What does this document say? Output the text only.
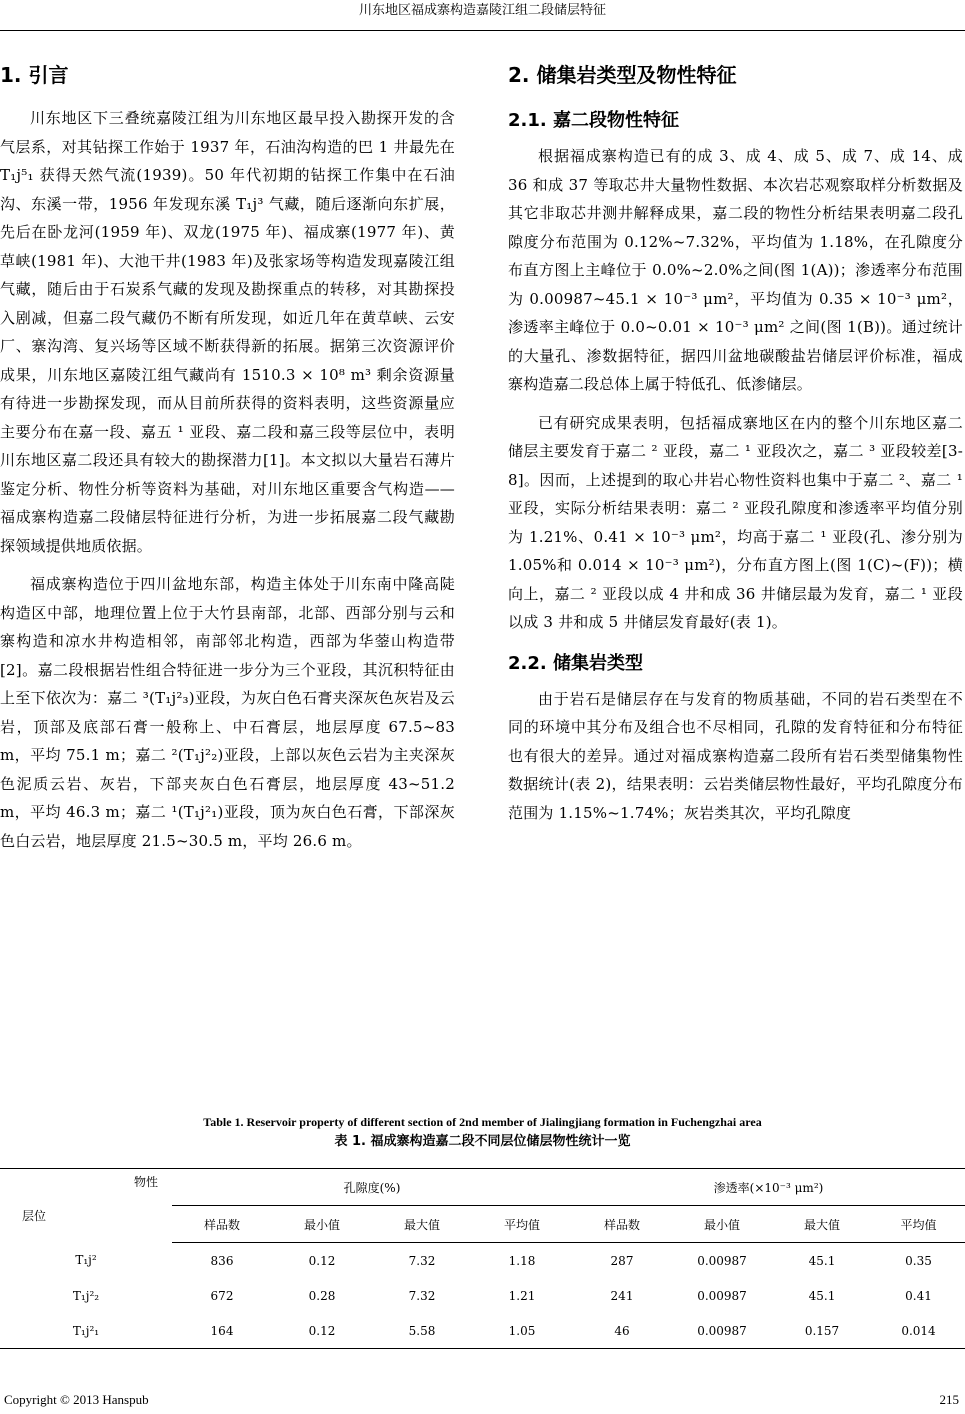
川东地区福成寨构造嘉陵江组二段储层特征
1. 引言

川东地区下三叠统嘉陵江组为川东地区最早投入勘探开发的含气层系，对其钻探工作始于 1937 年，石油沟构造的巴 1 井最先在 T₁j⁵₁ 获得天然气流(1939)。50 年代初期的钻探工作集中在石油沟、东溪一带，1956 年发现东溪 T₁j³ 气藏，随后逐渐向东扩展，先后在卧龙河(1959 年)、双龙(1975 年)、福成寨(1977 年)、黄草峡(1981 年)、大池干井(1983 年)及张家场等构造发现嘉陵江组气藏，随后由于石炭系气藏的发现及勘探重点的转移，对其勘探投入剧减，但嘉二段气藏仍不断有所发现，如近几年在黄草峡、云安厂、寨沟湾、复兴场等区域不断获得新的拓展。据第三次资源评价成果，川东地区嘉陵江组气藏尚有 1510.3 × 10⁸ m³ 剩余资源量有待进一步勘探发现，而从目前所获得的资料表明，这些资源量应主要分布在嘉一段、嘉五 ¹ 亚段、嘉二段和嘉三段等层位中，表明川东地区嘉二段还具有较大的勘探潜力[1]。本文拟以大量岩石薄片鉴定分析、物性分析等资料为基础，对川东地区重要含气构造——福成寨构造嘉二段储层特征进行分析，为进一步拓展嘉二段气藏勘探领域提供地质依据。

福成寨构造位于四川盆地东部，构造主体处于川东南中隆高陡构造区中部，地理位置上位于大竹县南部，北部、西部分别与云和寨构造和凉水井构造相邻，南部邻北构造，西部为华蓥山构造带[2]。嘉二段根据岩性组合特征进一步分为三个亚段，其沉积特征由上至下依次为：嘉二 ³(T₁j²₃)亚段，为灰白色石膏夹深灰色灰岩及云岩，顶部及底部石膏一般称上、中石膏层，地层厚度 67.5~83 m，平均 75.1 m；嘉二 ²(T₁j²₂)亚段，上部以灰色云岩为主夹深灰色泥质云岩、灰岩，下部夹灰白色石膏层，地层厚度 43~51.2 m，平均 46.3 m；嘉二 ¹(T₁j²₁)亚段，顶为灰白色石膏，下部深灰色白云岩，地层厚度 21.5~30.5 m，平均 26.6 m。

2. 储集岩类型及物性特征
2.1. 嘉二段物性特征

根据福成寨构造已有的成 3、成 4、成 5、成 7、成 14、成 36 和成 37 等取芯井大量物性数据、本次岩芯观察取样分析数据及其它非取芯井测井解释成果，嘉二段的物性分析结果表明嘉二段孔隙度分布范围为 0.12%~7.32%，平均值为 1.18%，在孔隙度分布直方图上主峰位于 0.0%~2.0%之间(图 1(A))；渗透率分布范围为 0.00987~45.1 × 10⁻³ μm²，平均值为 0.35 × 10⁻³ μm²，渗透率主峰位于 0.0~0.01 × 10⁻³ μm² 之间(图 1(B))。通过统计的大量孔、渗数据特征，据四川盆地碳酸盐岩储层评价标准，福成寨构造嘉二段总体上属于特低孔、低渗储层。

已有研究成果表明，包括福成寨地区在内的整个川东地区嘉二储层主要发育于嘉二 ² 亚段，嘉二 ¹ 亚段次之，嘉二 ³ 亚段较差[3-8]。因而，上述提到的取心井岩心物性资料也集中于嘉二 ²、嘉二 ¹ 亚段，实际分析结果表明：嘉二 ² 亚段孔隙度和渗透率平均值分别为 1.21%、0.41 × 10⁻³ μm²，均高于嘉二 ¹ 亚段(孔、渗分别为 1.05%和 0.014 × 10⁻³ μm²)，分布直方图上(图 1(C)~(F))；横向上，嘉二 ² 亚段以成 4 井和成 36 井储层最为发育，嘉二 ¹ 亚段以成 3 井和成 5 井储层发育最好(表 1)。

2.2. 储集岩类型

由于岩石是储层存在与发育的物质基础，不同的岩石类型在不同的环境中其分布及组合也不尽相同，孔隙的发育特征和分布特征也有很大的差异。通过对福成寨构造嘉二段所有岩石类型储集物性数据统计(表 2)，结果表明：云岩类储层物性最好，平均孔隙度分布范围为 1.15%~1.74%；灰岩类其次，平均孔隙度

Table 1. Reservoir property of different section of 2nd member of Jialingjiang formation in Fuchengzhai area
表 1. 福成寨构造嘉二段不同层位储层物性统计一览
物性
层位	孔隙度(%)				渗透率(×10⁻³ μm²)			
	样品数	最小值	最大值	平均值	样品数	最小值	最大值	平均值
T₁j²	836	0.12	7.32	1.18	287	0.00987	45.1	0.35
T₁j²₂	672	0.28	7.32	1.21	241	0.00987	45.1	0.41
T₁j²₁	164	0.12	5.58	1.05	46	0.00987	0.157	0.014
Copyright © 2013 Hanspub	215
